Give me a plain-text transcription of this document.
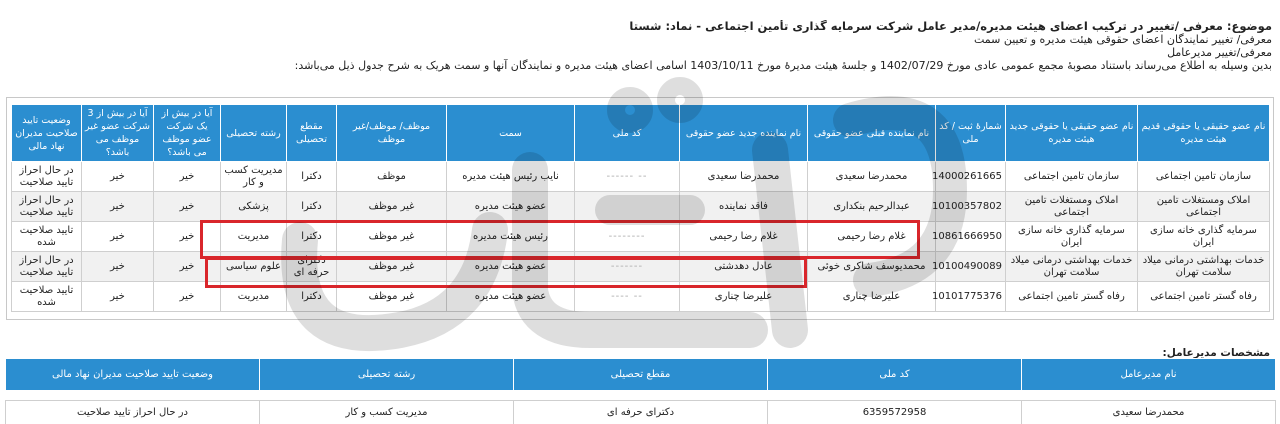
موضوع: معرفی /تغییر در ترکیب اعضای هیئت مدیره/مدیر عامل شرکت سرمایه گذاری تأمین اجتماعی - نماد: شستا
معرفی/ تغییر نمایندگان اعضای حقوقی هیئت مدیره و تعیین سمت
معرفی/تغییر مدیرعامل
بدین وسیله به اطلاع می‌رساند باستناد مصوبهٔ مجمع عمومی عادی مورخ 1402/07/29 و جلسهٔ هیئت مدیرهٔ مورخ 1403/10/11 اسامی اعضای هیئت مدیره و نمایندگان آنها و سمت هریک به شرح جدول ذیل می‌باشد:
نام عضو حقیقی یا حقوقی قدیم هیئت مدیره	نام عضو حقیقی یا حقوقی جدید هیئت مدیره	شمارهٔ ثبت / کد ملی	نام نماینده قبلی عضو حقوقی	نام نماینده جدید عضو حقوقی	کد ملی	سمت	موظف/ موظف/غیر موظف	مقطع تحصیلی	رشته تحصیلی	آیا در بیش از یک شرکت عضو موظف می باشد؟	آیا در بیش از 3 شرکت عضو غیر موظف می باشد؟	وضعیت تایید صلاحیت مدیران نهاد مالی
سازمان تامین اجتماعی	سازمان تامین اجتماعی	14000261665	محمدرضا سعیدی	محمدرضا سعیدی	-- ------	نایب رئیس هیئت مدیره	موظف	دکترا	مدیریت کسب و کار	خیر	خیر	در حال احراز تایید صلاحیت
املاک ومستغلات تامین اجتماعی	املاک ومستغلات تامین اجتماعی	10100357802	عبدالرحیم بنکداری	فاقد نماینده		عضو هیئت مدیره	غیر موظف	دکترا	پزشکی	خیر	خیر	در حال احراز تایید صلاحیت
سرمایه گذاری خانه سازی ایران	سرمایه گذاری خانه سازی ایران	10861666950	غلام رضا رحیمی	غلام رضا رحیمی	--------	رئیس هیئت مدیره	غیر موظف	دکترا	مدیریت	خیر	خیر	تایید صلاحیت شده
خدمات بهداشتی درمانی میلاد سلامت تهران	خدمات بهداشتی درمانی میلاد سلامت تهران	10100490089	محمدیوسف شاکری خوئی	عادل دهدشتی	-------	عضو هیئت مدیره	غیر موظف	دکترای حرفه ای	علوم سیاسی	خیر	خیر	در حال احراز تایید صلاحیت
رفاه گستر تامین اجتماعی	رفاه گستر تامین اجتماعی	10101775376	علیرضا چناری	علیرضا چناری	-- ----	عضو هیئت مدیره	غیر موظف	دکترا	مدیریت	خیر	خیر	تایید صلاحیت شده
مشخصات مدیرعامل:
نام مدیرعامل	کد ملی	مقطع تحصیلی	رشته تحصیلی	وضعیت تایید صلاحیت مدیران نهاد مالی

محمدرضا سعیدی	6359572958	دکترای حرفه ای	مدیریت کسب و کار	در حال احراز تایید صلاحیت
